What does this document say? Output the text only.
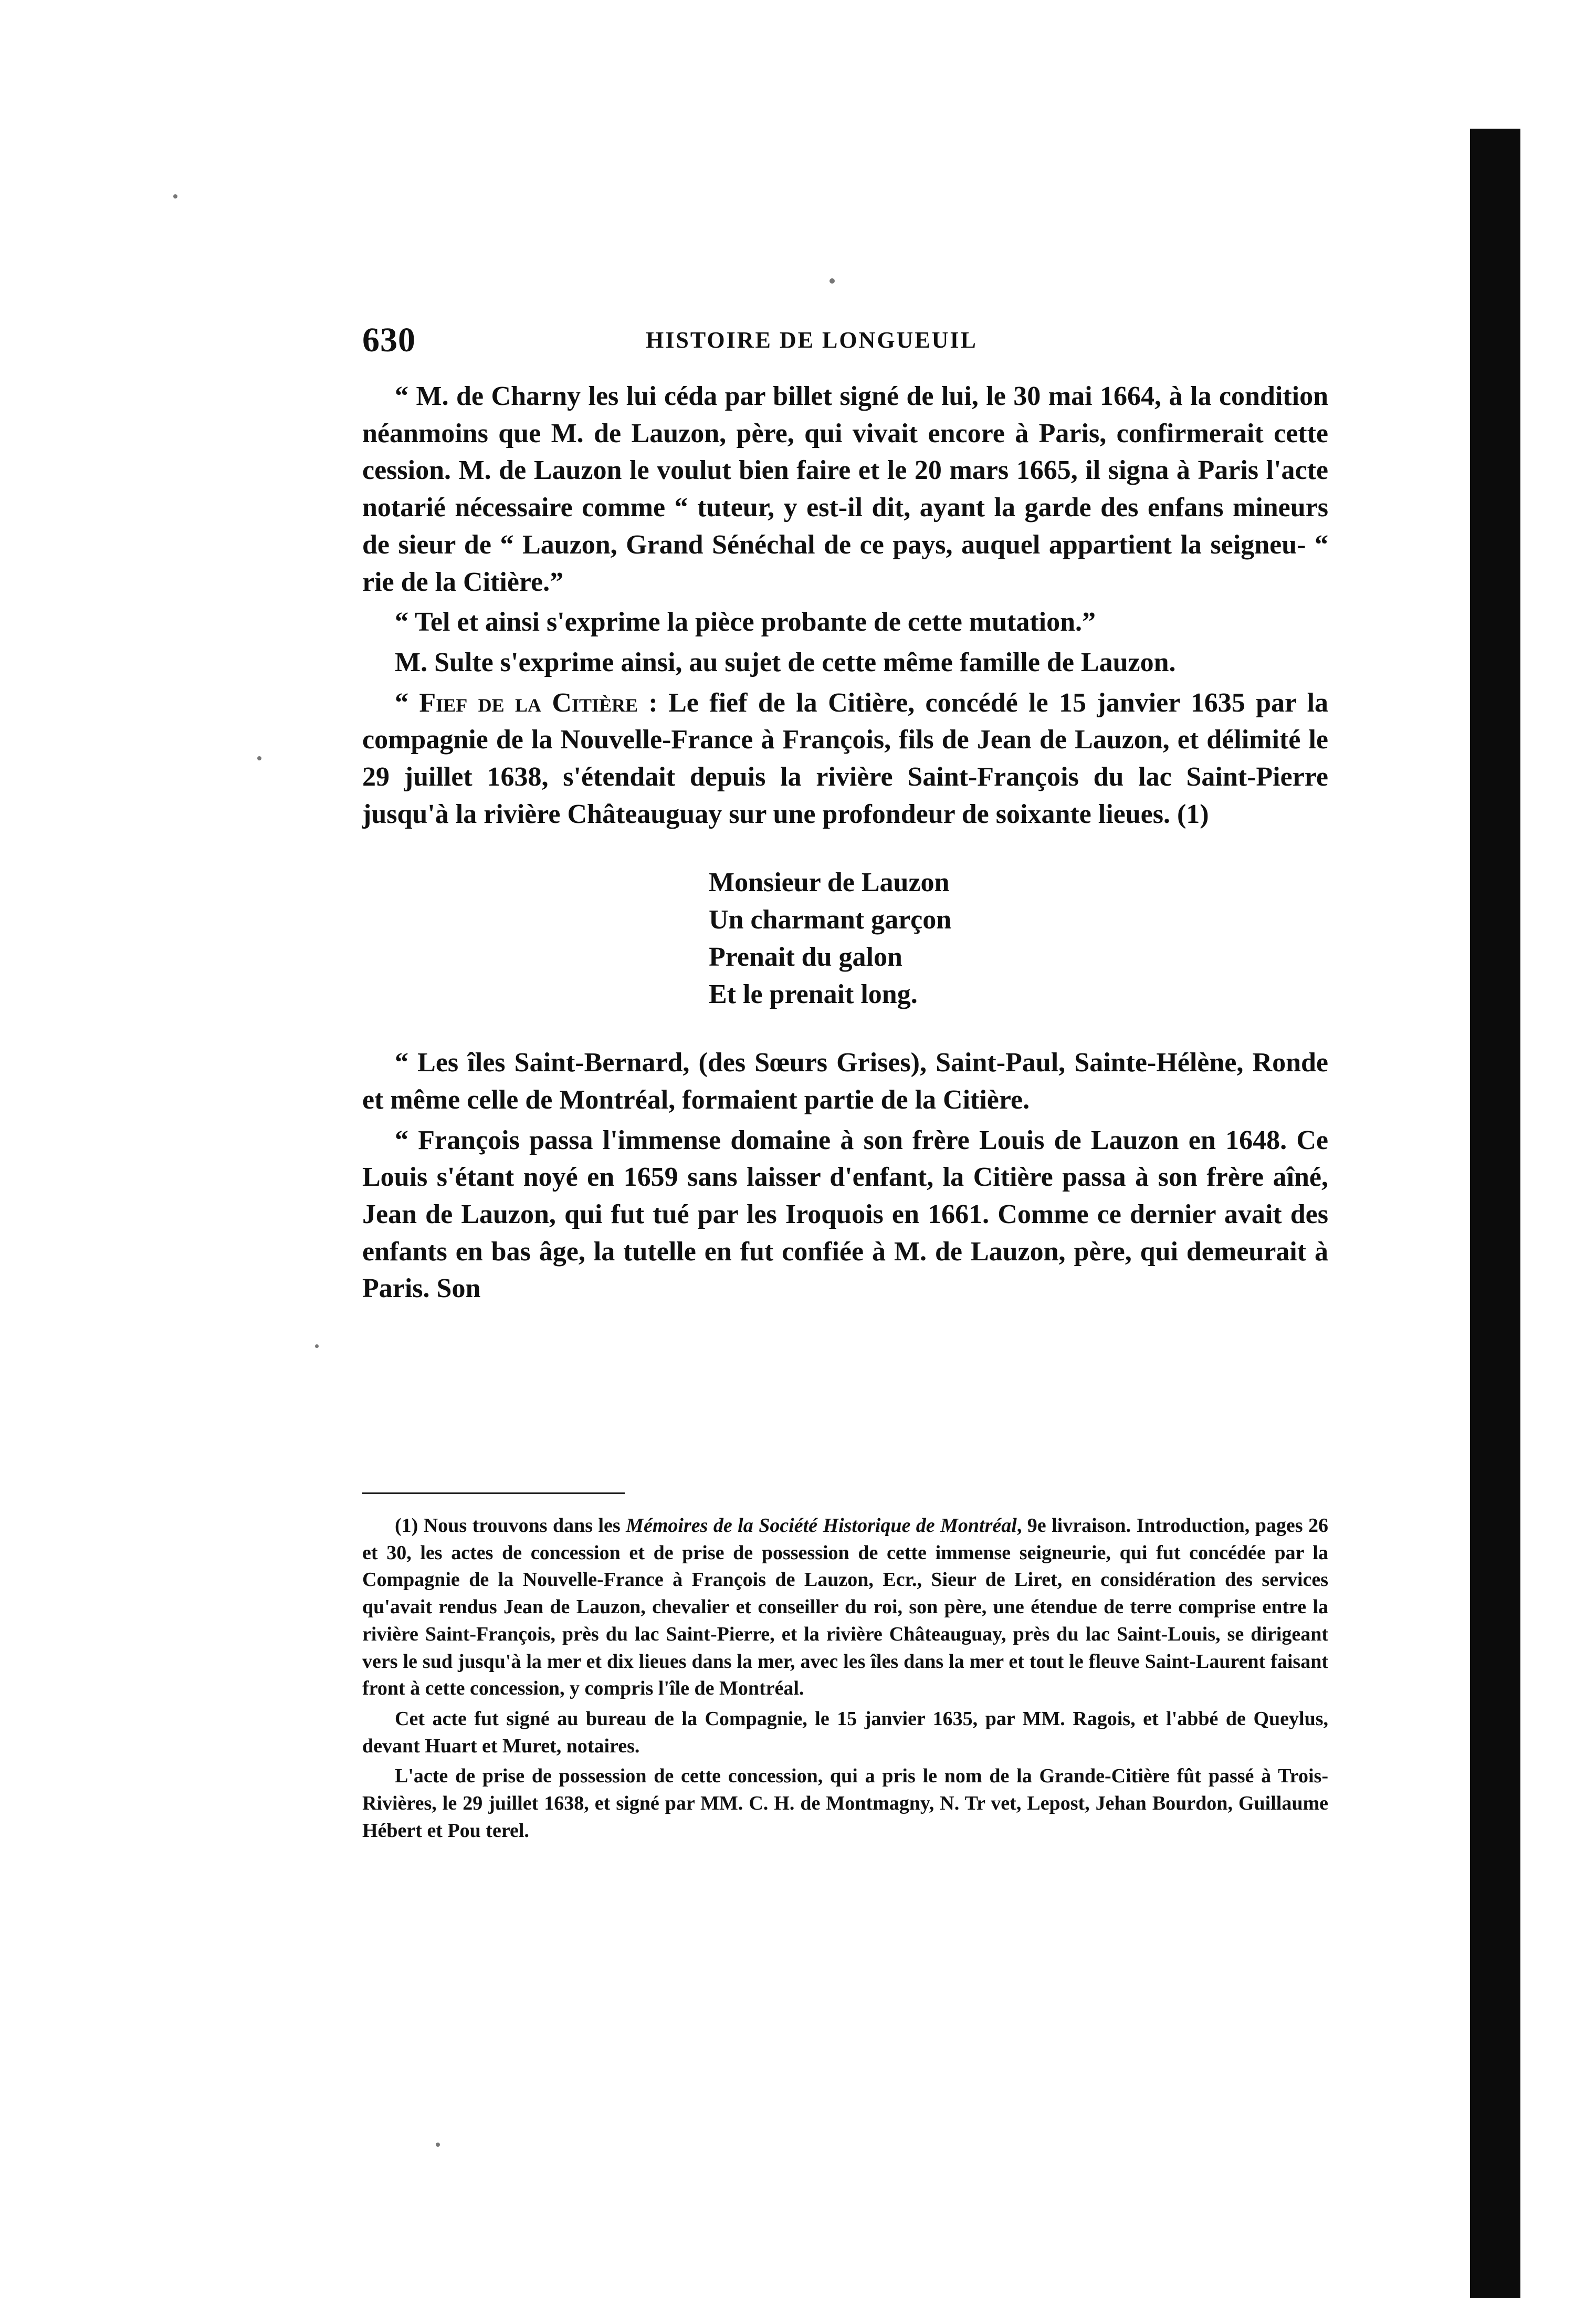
630	HISTOIRE DE LONGUEUIL

“ M. de Charny les lui céda par billet signé de lui, le 30 mai 1664, à la condition néanmoins que M. de Lauzon, père, qui vivait encore à Paris, confirmerait cette cession. M. de Lauzon le voulut bien faire et le 20 mars 1665, il signa à Paris l'acte notarié nécessaire comme “ tuteur, y est-il dit, ayant la garde des enfans mineurs de sieur de “ Lauzon, Grand Sénéchal de ce pays, auquel appartient la seigneu- “ rie de la Citière.”

“ Tel et ainsi s'exprime la pièce probante de cette mutation.”

M. Sulte s'exprime ainsi, au sujet de cette même famille de Lauzon.

“ Fief de la Citière : Le fief de la Citière, concédé le 15 janvier 1635 par la compagnie de la Nouvelle-France à François, fils de Jean de Lauzon, et délimité le 29 juillet 1638, s'étendait depuis la rivière Saint-François du lac Saint-Pierre jusqu'à la rivière Châteauguay sur une profondeur de soixante lieues. (1)

Monsieur de Lauzon
Un charmant garçon
Prenait du galon
Et le prenait long.

“ Les îles Saint-Bernard, (des Sœurs Grises), Saint-Paul, Sainte-Hélène, Ronde et même celle de Montréal, formaient partie de la Citière.

“ François passa l'immense domaine à son frère Louis de Lauzon en 1648. Ce Louis s'étant noyé en 1659 sans laisser d'enfant, la Citière passa à son frère aîné, Jean de Lauzon, qui fut tué par les Iroquois en 1661. Comme ce dernier avait des enfants en bas âge, la tutelle en fut confiée à M. de Lauzon, père, qui demeurait à Paris. Son

(1) Nous trouvons dans les Mémoires de la Société Historique de Montréal, 9e livraison. Introduction, pages 26 et 30, les actes de concession et de prise de possession de cette immense seigneurie, qui fut concédée par la Compagnie de la Nouvelle-France à François de Lauzon, Ecr., Sieur de Liret, en considération des services qu'avait rendus Jean de Lauzon, chevalier et conseiller du roi, son père, une étendue de terre comprise entre la rivière Saint-François, près du lac Saint-Pierre, et la rivière Châteauguay, près du lac Saint-Louis, se dirigeant vers le sud jusqu'à la mer et dix lieues dans la mer, avec les îles dans la mer et tout le fleuve Saint-Laurent faisant front à cette concession, y compris l'île de Montréal.

Cet acte fut signé au bureau de la Compagnie, le 15 janvier 1635, par MM. Ragois, et l'abbé de Queylus, devant Huart et Muret, notaires.

L'acte de prise de possession de cette concession, qui a pris le nom de la Grande-Citière fût passé à Trois-Rivières, le 29 juillet 1638, et signé par MM. C. H. de Montmagny, N. Tr vet, Lepost, Jehan Bourdon, Guillaume Hébert et Pou terel.
